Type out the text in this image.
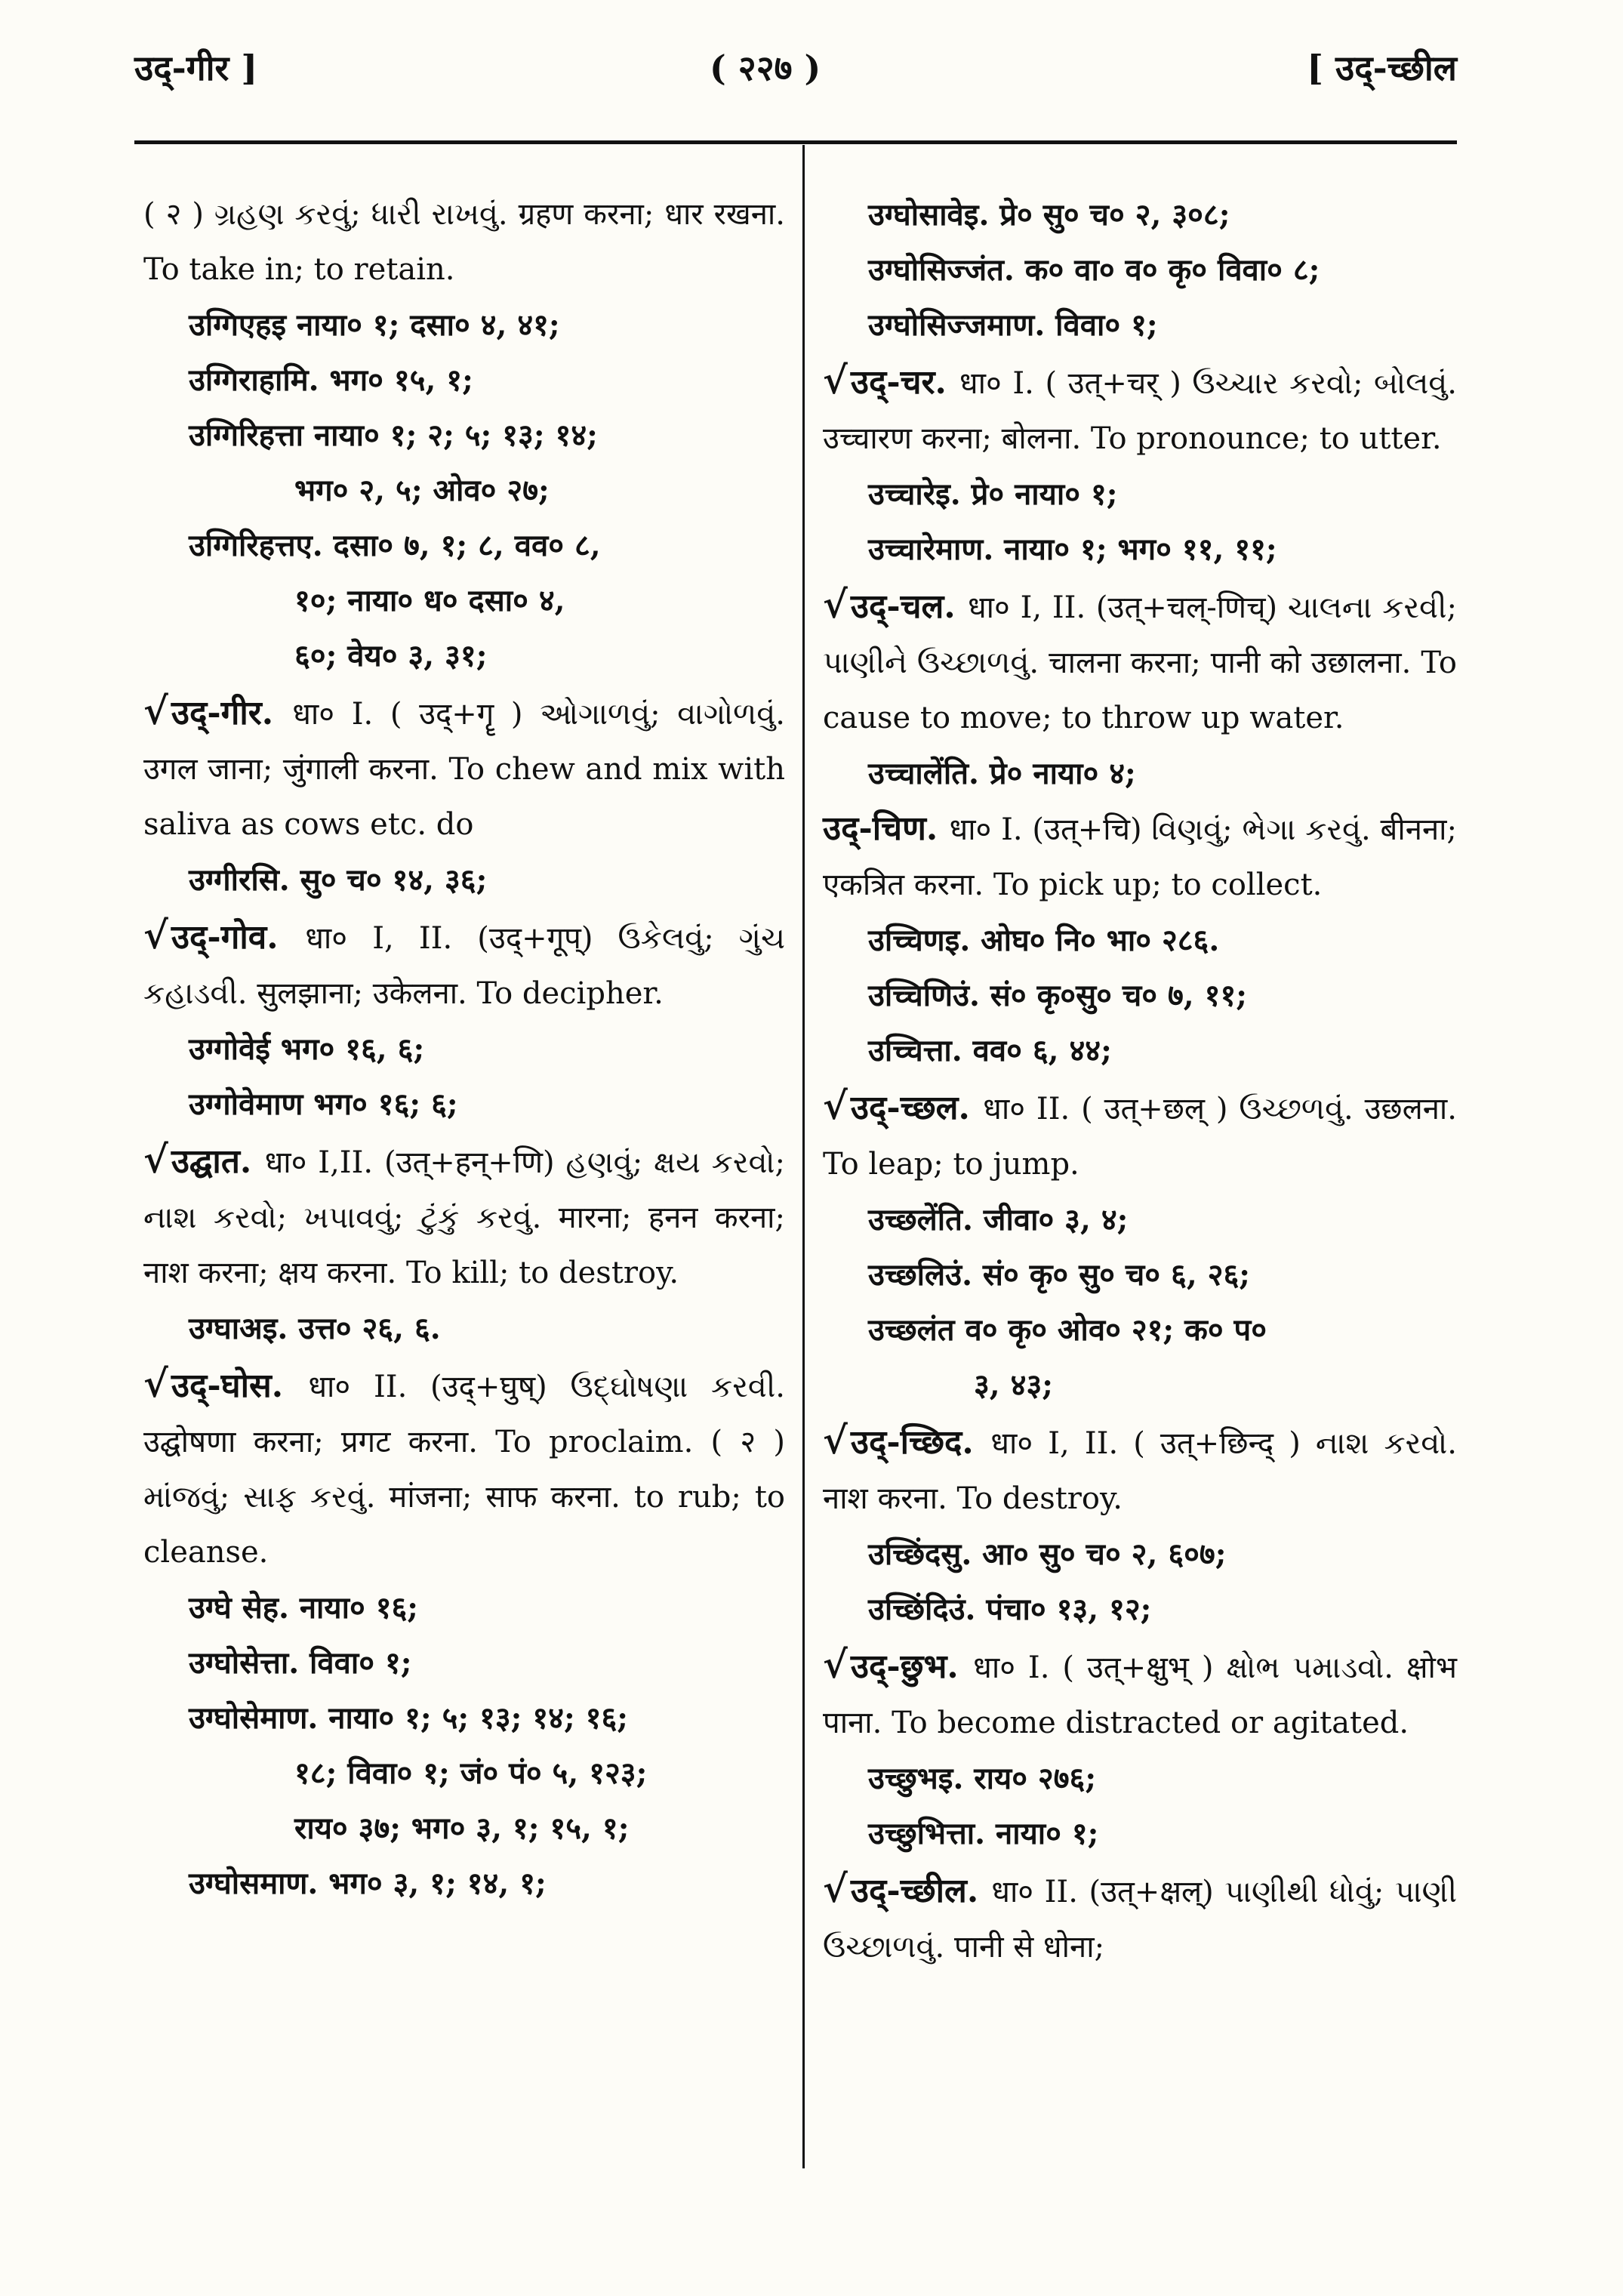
उद्-गीर ]	( २२७ )	[ उद्-च्छील

( २ ) ગ્રહણ કરવું; ધારી રાખવું. ग्रहण करना; धार रखना. To take in; to retain.

उग्गिएहइ नाया० १; दसा० ४, ४१;

उग्गिराहामि. भग० १५, १;

उग्गिरिहत्ता नाया० १; २; ५; १३; १४;

भग० २, ५; ओव० २७;

उग्गिरिहत्तए. दसा० ७, १; ८, वव० ८,

१०; नाया० ध० दसा० ४,

६०; वेय० ३, ३१;

√उद्-गीर. धा० I. ( उद्+गॄ ) ઓગાળવું; વાગોળવું. उगल जाना; जुंगाली करना. To chew and mix with saliva as cows etc. do

उग्गीरसि. सु० च० १४, ३६;

√उद्-गोव. धा० I, II. (उद्+गूप्) ઉકેલવું; ગુંચ કહાડવી. सुलझाना; उकेलना. To decipher.

उग्गोवेई भग० १६, ६;

उग्गोवेमाण भग० १६; ६;

√उद्घात. धा० I,II. (उत्+हन्+णि) હણવું; ક્ષય કરવો; નાશ કરવો; ખપાવવું; ટુંકું કરવું. मारना; हनन करना; नाश करना; क्षय करना. To kill; to destroy.

उग्घाअइ. उत्त० २६, ६.

√उद्-घोस. धा० II. (उद्+घुष्) ઉદ્ઘોષણા કરવી. उद्घोषणा करना; प्रगट करना. To proclaim. ( २ ) માંજવું; સાફ કરવું. मांजना; साफ करना. to rub; to cleanse.

उग्घे सेह. नाया० १६;

उग्घोसेत्ता. विवा० १;

उग्घोसेमाण. नाया० १; ५; १३; १४; १६;

१८; विवा० १; जं० पं० ५, १२३;

राय० ३७; भग० ३, १; १५, १;

उग्घोसमाण. भग० ३, १; १४, १;

उग्घोसावेइ. प्रे० सु० च० २, ३०८;

उग्घोसिज्जंत. क० वा० व० कृ० विवा० ८;

उग्घोसिज्जमाण. विवा० १;

√उद्-चर. धा० I. ( उत्+चर् ) ઉચ્ચાર કરવો; બોલવું. उच्चारण करना; बोलना. To pronounce; to utter.

उच्चारेइ. प्रे० नाया० १;

उच्चारेमाण. नाया० १; भग० ११, ११;

√उद्-चल. धा० I, II. (उत्+चल्-णिच्) ચાલના કરવી; પાણીને ઉચ્છાળવું. चालना करना; पानी को उछालना. To cause to move; to throw up water.

उच्चालेंति. प्रे० नाया० ४;

उद्-चिण. धा० I. (उत्+चि) વિણવું; ભેગા કરવું. बीनना; एकत्रित करना. To pick up; to collect.

उच्चिणइ. ओघ० नि० भा० २८६.

उच्चिणिउं. सं० कृ०सु० च० ७, ११;

उच्चित्ता. वव० ६, ४४;

√उद्-च्छल. धा० II. ( उत्+छल् ) ઉચ્છળવું. उछलना. To leap; to jump.

उच्छलेंति. जीवा० ३, ४;

उच्छलिउं. सं० कृ० सु० च० ६, २६;

उच्छलंत व० कृ० ओव० २१; क० प०

३, ४३;

√उद्-च्छिद. धा० I, II. ( उत्+छिन्द् ) નાશ કરવો. नाश करना. To destroy.

उच्छिंदसु. आ० सु० च० २, ६०७;

उच्छिंदिउं. पंचा० १३, १२;

√उद्-छुभ. धा० I. ( उत्+क्षुभ् ) ક્ષોભ પમાડવો. क्षोभ पाना. To become distracted or agitated.

उच्छुभइ. राय० २७६;

उच्छुभित्ता. नाया० १;

√उद्-च्छील. धा० II. (उत्+क्षल्) પાણીથી ધોવું; પાણી ઉચ્છાળવું. पानी से धोना;
